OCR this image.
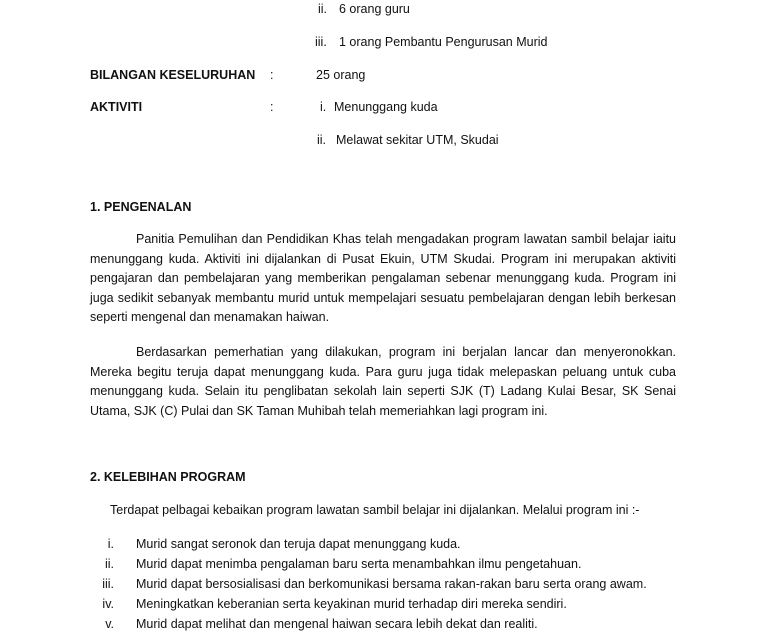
ii. 6 orang guru
iii. 1 orang Pembantu Pengurusan Murid
BILANGAN KESELURUHAN :	25 orang
AKTIVITI	:	i. Menunggang kuda
ii. Melawat sekitar UTM, Skudai
1. PENGENALAN

Panitia Pemulihan dan Pendidikan Khas telah mengadakan program lawatan sambil belajar iaitu menunggang kuda. Aktiviti ini dijalankan di Pusat Ekuin, UTM Skudai. Program ini merupakan aktiviti pengajaran dan pembelajaran yang memberikan pengalaman sebenar menunggang kuda. Program ini juga sedikit sebanyak membantu murid untuk mempelajari sesuatu pembelajaran dengan lebih berkesan seperti mengenal dan menamakan haiwan.

Berdasarkan pemerhatian yang dilakukan, program ini berjalan lancar dan menyeronokkan. Mereka begitu teruja dapat menunggang kuda. Para guru juga tidak melepaskan peluang untuk cuba menunggang kuda. Selain itu penglibatan sekolah lain seperti SJK (T) Ladang Kulai Besar, SK Senai Utama, SJK (C) Pulai dan SK Taman Muhibah telah memeriahkan lagi program ini.

2. KELEBIHAN PROGRAM
Terdapat pelbagai kebaikan program lawatan sambil belajar ini dijalankan. Melalui program ini :-
i. Murid sangat seronok dan teruja dapat menunggang kuda.
ii. Murid dapat menimba pengalaman baru serta menambahkan ilmu pengetahuan.
iii. Murid dapat bersosialisasi dan berkomunikasi bersama rakan-rakan baru serta orang awam.
iv. Meningkatkan keberanian serta keyakinan murid terhadap diri mereka sendiri.
v. Murid dapat melihat dan mengenal haiwan secara lebih dekat dan realiti.
